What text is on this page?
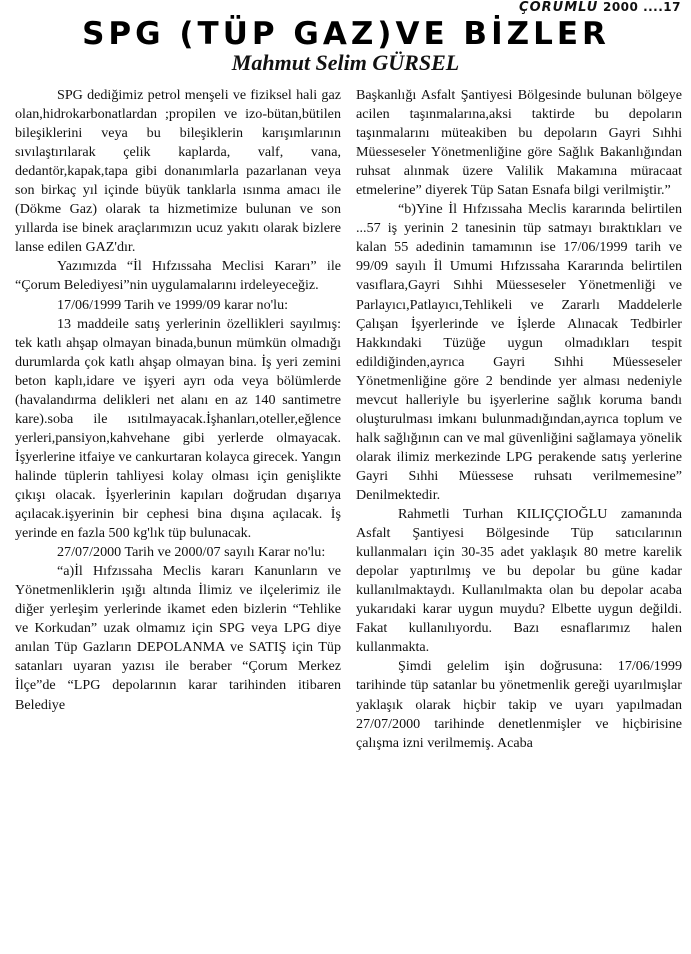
ÇORUMLU 2000 ....17
SPG (TÜP GAZ)VE BİZLER
Mahmut Selim GÜRSEL

SPG dediğimiz petrol menşeli ve fiziksel hali gaz olan,hidrokarbonatlardan ;propilen ve izo-bütan,bütilen bileşiklerini veya bu bileşiklerin karışımlarının sıvılaştırılarak çelik kaplarda, valf, vana, dedantör,kapak,tapa gibi donanımlarla pazarlanan veya son birkaç yıl içinde büyük tanklarla ısınma amacı ile (Dökme Gaz) olarak ta hizmetimize bulunan ve son yıllarda ise binek araçlarımızın ucuz yakıtı olarak bizlere lanse edilen GAZ'dır.

Yazımızda “İl Hıfzıssaha Meclisi Kararı” ile “Çorum Belediyesi”nin uygulamalarını irdeleyeceğiz.

17/06/1999 Tarih ve 1999/09 karar no'lu:

13 maddeile satış yerlerinin özellikleri sayılmış: tek katlı ahşap olmayan binada,bunun mümkün olmadığı durumlarda çok katlı ahşap olmayan bina. İş yeri zemini beton kaplı,idare ve işyeri ayrı oda veya bölümlerde (havalandırma delikleri net alanı en az 140 santimetre kare).soba ile ısıtılmayacak.İşhanları,oteller,eğlence yerleri,pansiyon,kahvehane gibi yerlerde olmayacak. İşyerlerine itfaiye ve cankurtaran kolayca girecek. Yangın halinde tüplerin tahliyesi kolay olması için genişlikte çıkışı olacak. İşyerlerinin kapıları doğrudan dışarıya açılacak.işyerinin bir cephesi bina dışına açılacak. İş yerinde en fazla 500 kg'lık tüp bulunacak.

27/07/2000 Tarih ve 2000/07 sayılı Karar no'lu:

“a)İl Hıfzıssaha Meclis kararı Kanunların ve Yönetmenliklerin ışığı altında İlimiz ve ilçelerimiz ile diğer yerleşim yerlerinde ikamet eden bizlerin “Tehlike ve Korkudan” uzak olmamız için SPG veya LPG diye anılan Tüp Gazların DEPOLANMA ve SATIŞ için Tüp satanları uyaran yazısı ile beraber “Çorum Merkez İlçe”de “LPG depolarının karar tarihinden itibaren Belediye

Başkanlığı Asfalt Şantiyesi Bölgesinde bulunan bölgeye acilen taşınmalarına,aksi taktirde bu depoların taşınmalarını müteakiben bu depoların Gayri Sıhhi Müesseseler Yönetmenliğine göre Sağlık Bakanlığından ruhsat alınmak üzere Valilik Makamına müracaat etmelerine” diyerek Tüp Satan Esnafa bilgi verilmiştir.”

“b)Yine İl Hıfzıssaha Meclis kararında belirtilen ...57 iş yerinin 2 tanesinin tüp satmayı bıraktıkları ve kalan 55 adedinin tamamının ise 17/06/1999 tarih ve 99/09 sayılı İl Umumi Hıfzıssaha Kararında belirtilen vasıflara,Gayri Sıhhi Müesseseler Yönetmenliği ve Parlayıcı,Patlayıcı,Tehlikeli ve Zararlı Maddelerle Çalışan İşyerlerinde ve İşlerde Alınacak Tedbirler Hakkındaki Tüzüğe uygun olmadıkları tespit edildiğinden,ayrıca Gayri Sıhhi Müesseseler Yönetmenliğine göre 2 bendinde yer alması nedeniyle mevcut halleriyle bu işyerlerine sağlık koruma bandı oluşturulması imkanı bulunmadığından,ayrıca toplum ve halk sağlığının can ve mal güvenliğini sağlamaya yönelik olarak ilimiz merkezinde LPG perakende satış yerlerine Gayri Sıhhi Müessese ruhsatı verilmemesine” Denilmektedir.

Rahmetli Turhan KILIÇÇIOĞLU zamanında Asfalt Şantiyesi Bölgesinde Tüp satıcılarının kullanmaları için 30-35 adet yaklaşık 80 metre karelik depolar yaptırılmış ve bu depolar bu güne kadar kullanılmaktaydı. Kullanılmakta olan bu depolar acaba yukarıdaki karar uygun muydu? Elbette uygun değildi. Fakat kullanılıyordu. Bazı esnaflarımız halen kullanmakta.

Şimdi gelelim işin doğrusuna: 17/06/1999 tarihinde tüp satanlar bu yönetmenlik gereği uyarılmışlar yaklaşık olarak hiçbir takip ve uyarı yapılmadan 27/07/2000 tarihinde denetlenmişler ve hiçbirisine çalışma izni verilmemiş. Acaba
